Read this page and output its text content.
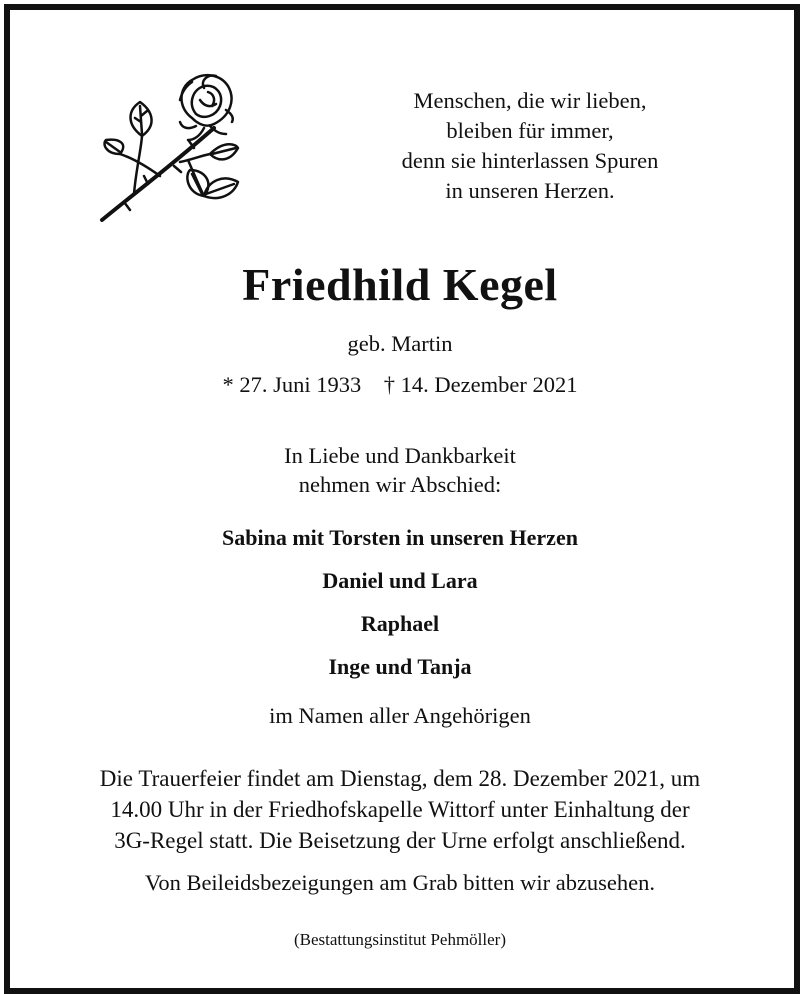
Menschen, die wir lieben,
bleiben für immer,
denn sie hinterlassen Spuren
in unseren Herzen.
Friedhild Kegel
geb. Martin
* 27. Juni 1933    † 14. Dezember 2021
In Liebe und Dankbarkeit
nehmen wir Abschied:
Sabina mit Torsten in unseren Herzen
Daniel und Lara
Raphael
Inge und Tanja
im Namen aller Angehörigen
Die Trauerfeier findet am Dienstag, dem 28. Dezember 2021, um
14.00 Uhr in der Friedhofskapelle Wittorf unter Einhaltung der
3G-Regel statt. Die Beisetzung der Urne erfolgt anschließend.
Von Beileidsbezeigungen am Grab bitten wir abzusehen.
(Bestattungsinstitut Pehmöller)
